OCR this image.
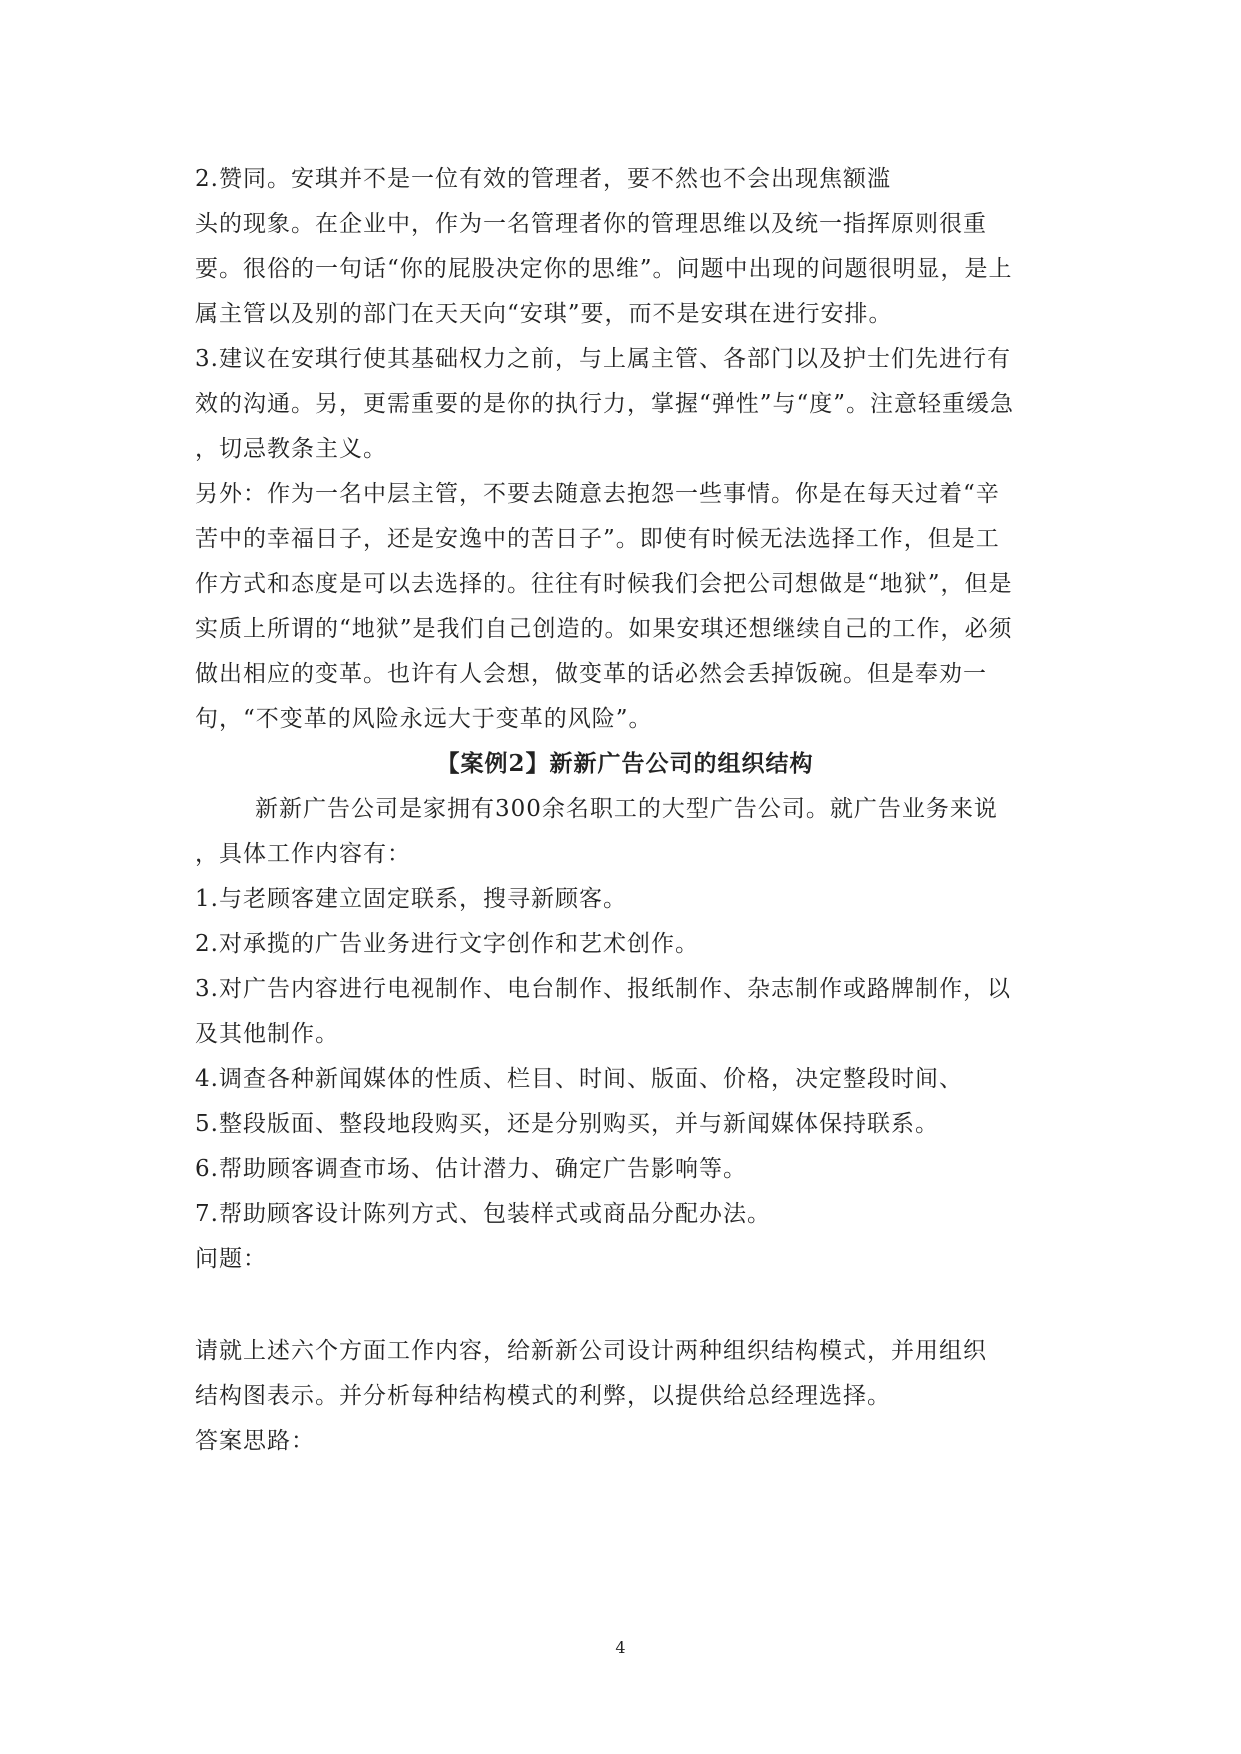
2.赞同。安琪并不是一位有效的管理者，要不然也不会出现焦额滥
头的现象。在企业中，作为一名管理者你的管理思维以及统一指挥原则很重
要。很俗的一句话“你的屁股决定你的思维”。问题中出现的问题很明显，是上
属主管以及别的部门在天天向“安琪”要，而不是安琪在进行安排。
3.建议在安琪行使其基础权力之前，与上属主管、各部门以及护士们先进行有
效的沟通。另，更需重要的是你的执行力，掌握“弹性”与“度”。注意轻重缓急
，切忌教条主义。
另外：作为一名中层主管，不要去随意去抱怨一些事情。你是在每天过着“辛
苦中的幸福日子，还是安逸中的苦日子”。即使有时候无法选择工作，但是工
作方式和态度是可以去选择的。往往有时候我们会把公司想做是“地狱”，但是
实质上所谓的“地狱”是我们自己创造的。如果安琪还想继续自己的工作，必须
做出相应的变革。也许有人会想，做变革的话必然会丢掉饭碗。但是奉劝一
句，“不变革的风险永远大于变革的风险”。
【案例2】新新广告公司的组织结构
新新广告公司是家拥有300余名职工的大型广告公司。就广告业务来说
，具体工作内容有：
1.与老顾客建立固定联系，搜寻新顾客。
2.对承揽的广告业务进行文字创作和艺术创作。
3.对广告内容进行电视制作、电台制作、报纸制作、杂志制作或路牌制作，以
及其他制作。
4.调查各种新闻媒体的性质、栏目、时间、版面、价格，决定整段时间、
5.整段版面、整段地段购买，还是分别购买，并与新闻媒体保持联系。
6.帮助顾客调查市场、估计潜力、确定广告影响等。
7.帮助顾客设计陈列方式、包装样式或商品分配办法。
问题：
请就上述六个方面工作内容，给新新公司设计两种组织结构模式，并用组织
结构图表示。并分析每种结构模式的利弊，以提供给总经理选择。
答案思路：
4
